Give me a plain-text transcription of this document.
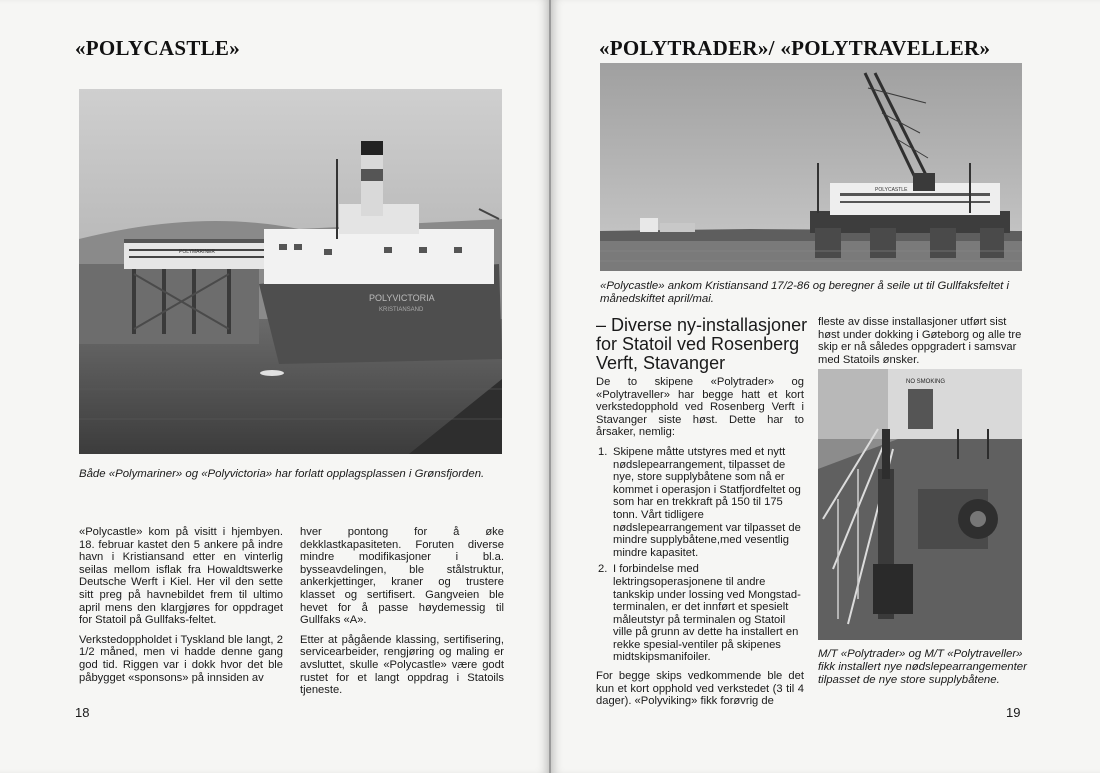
«POLYCASTLE»
POLYVICTORIA
KRISTIANSAND
POLYMARINER

Både «Polymariner» og «Polyvictoria» har forlatt opplagsplassen i Grønsfjorden.

«Polycastle» kom på visitt i hjembyen. 18. februar kastet den 5 ankere på indre havn i Kristiansand etter en vinterlig seilas mellom isflak fra Howaldtswerke Deutsche Werft i Kiel. Her vil den sette sitt preg på havnebildet frem til ultimo april mens den klargjøres for oppdraget for Statoil på Gullfaks-feltet.

Verkstedoppholdet i Tyskland ble langt, 2 1/2 måned, men vi hadde denne gang god tid. Riggen var i dokk hvor det ble påbygget «sponsons» på innsiden av

hver pontong for å øke dekklastkapasiteten. Foruten diverse mindre modifikasjoner i bl.a. bysseavdelingen, ble stålstruktur, ankerkjettinger, kraner og trustere klasset og sertifisert. Gangveien ble hevet for å passe høydemessig til Gullfaks «A».

Etter at pågående klassing, sertifisering, servicearbeider, rengjøring og maling er avsluttet, skulle «Polycastle» være godt rustet for et langt oppdrag i Statoils tjeneste.

18
«POLYTRADER»/ «POLYTRAVELLER»
POLYCASTLE

«Polycastle» ankom Kristiansand 17/2-86 og beregner å seile ut til Gullfaksfeltet i månedskiftet april/mai.

– Diverse ny-installasjoner for Statoil ved Rosenberg Verft, Stavanger

fleste av disse installasjoner utført sist høst under dokking i Gøteborg og alle tre skip er nå således oppgradert i samsvar med Statoils ønsker.

De to skipene «Polytrader» og «Polytraveller» har begge hatt et kort verkstedopphold ved Rosenberg Verft i Stavanger siste høst. Dette har to årsaker, nemlig:

1. Skipene måtte utstyres med et nytt nødslepearrangement, tilpasset de nye, store supplybåtene som nå er kommet i operasjon i Statfjordfeltet og som har en trekkraft på 150 til 175 tonn. Vårt tidligere nødslepearrangement var tilpasset de mindre supplybåtene,med vesentlig mindre kapasitet.
2. I forbindelse med lektringsoperasjonene til andre tankskip under lossing ved Mongstad-terminalen, er det innført et spesielt måleutstyr på terminalen og Statoil ville på grunn av dette ha installert en rekke spesial-ventiler på skipenes midtskipsmanifoiler.

For begge skips vedkommende ble det kun et kort opphold ved verkstedet (3 til 4 dager). «Polyviking» fikk forøvrig de

NO SMOKING

M/T «Polytrader» og M/T «Polytraveller» fikk installert nye nødslepearrangementer tilpasset de nye store supplybåtene.

19
